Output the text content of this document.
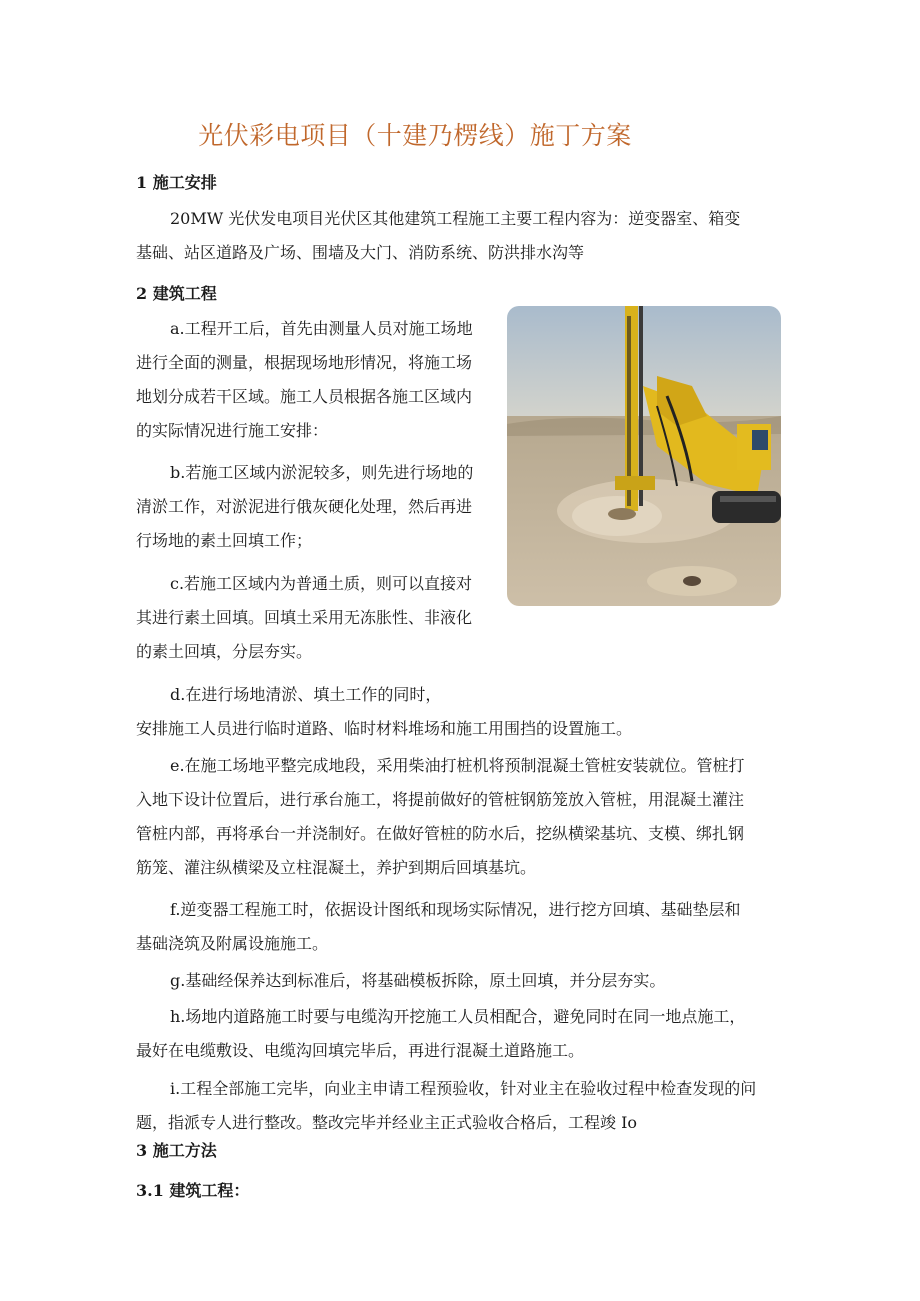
光伏彩电项目（十建乃楞线）施丁方案
1 施工安排
20MW 光伏发电项目光伏区其他建筑工程施工主要工程内容为：逆变器室、箱变
基础、站区道路及广场、围墙及大门、消防系统、防洪排水沟等
2 建筑工程
a.工程开工后，首先由测量人员对施工场地
进行全面的测量，根据现场地形情况，将施工场
地划分成若干区域。施工人员根据各施工区域内
的实际情况进行施工安排：
b.若施工区域内淤泥较多，则先进行场地的
清淤工作，对淤泥进行俄灰硬化处理，然后再进
行场地的素土回填工作；
c.若施工区域内为普通土质，则可以直接对
其进行素土回填。回填土采用无冻胀性、非液化
的素土回填，分层夯实。
d.在进行场地清淤、填土工作的同时，
安排施工人员进行临时道路、临时材料堆场和施工用围挡的设置施工。
e.在施工场地平整完成地段，采用柴油打桩机将预制混凝土管桩安装就位。管桩打
入地下设计位置后，进行承台施工，将提前做好的管桩钢筋笼放入管桩，用混凝土灌注
管桩内部，再将承台一并浇制好。在做好管桩的防水后，挖纵横梁基坑、支模、绑扎钢
筋笼、灌注纵横梁及立柱混凝土，养护到期后回填基坑。
f.逆变器工程施工时，依据设计图纸和现场实际情况，进行挖方回填、基础垫层和
基础浇筑及附属设施施工。
g.基础经保养达到标准后，将基础模板拆除，原土回填，并分层夯实。
h.场地内道路施工时要与电缆沟开挖施工人员相配合，避免同时在同一地点施工，
最好在电缆敷设、电缆沟回填完毕后，再进行混凝土道路施工。
i.工程全部施工完毕，向业主申请工程预验收，针对业主在验收过程中检查发现的问
题，指派专人进行整改。整改完毕并经业主正式验收合格后，工程竣 Io
3 施工方法
3.1 建筑工程：
